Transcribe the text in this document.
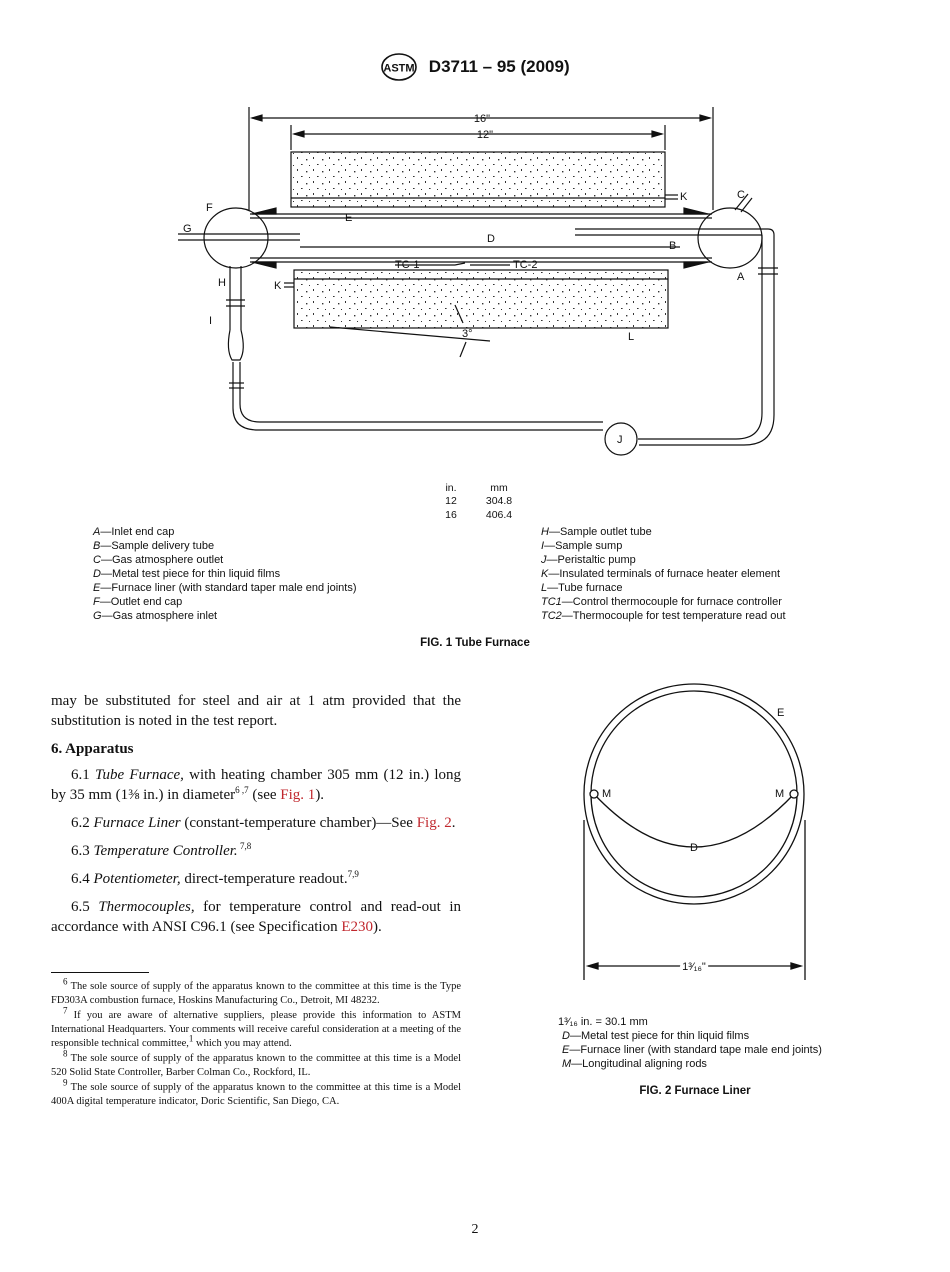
ASTM D3711 – 95 (2009)
16"
12"
C
K
F
E
G
D
B
TC-1	TC-2
A
H	K
I
3°	L
J
in.	mm
12	304.8
16	406.4
A—Inlet end cap
B—Sample delivery tube
C—Gas atmosphere outlet
D—Metal test piece for thin liquid films
E—Furnace liner (with standard taper male end joints)
F—Outlet end cap
G—Gas atmosphere inlet
H—Sample outlet tube
I—Sample sump
J—Peristaltic pump
K—Insulated terminals of furnace heater element
L—Tube furnace
TC1—Control thermocouple for furnace controller
TC2—Thermocouple for test temperature read out
FIG. 1 Tube Furnace

may be substituted for steel and air at 1 atm provided that the substitution is noted in the test report.

6. Apparatus

6.1 Tube Furnace, with heating chamber 305 mm (12 in.) long by 35 mm (1⅜ in.) in diameter$^{6 ,7}$ (see Fig. 1).

6.2 Furnace Liner (constant-temperature chamber)—See Fig. 2.

6.3 Temperature Controller. $^{7,8}$

6.4 Potentiometer, direct-temperature readout.$^{7,9}$

6.5 Thermocouples, for temperature control and read-out in accordance with ANSI C96.1 (see Specification E230).

$^6$ The sole source of supply of the apparatus known to the committee at this time is the Type FD303A combustion furnace, Hoskins Manufacturing Co., Detroit, MI 48232.

$^7$ If you are aware of alternative suppliers, please provide this information to ASTM International Headquarters. Your comments will receive careful consideration at a meeting of the responsible technical committee,$^1$ which you may attend.

$^8$ The sole source of supply of the apparatus known to the committee at this time is a Model 520 Solid State Controller, Barber Colman Co., Rockford, IL.

$^9$ The sole source of supply of the apparatus known to the committee at this time is a Model 400A digital temperature indicator, Doric Scientific, San Diego, CA.

E
M	M
D
1³⁄₁₆"
1³⁄₁₆ in. = 30.1 mm
D—Metal test piece for thin liquid films
E—Furnace liner (with standard tape male end joints)
M—Longitudinal aligning rods
FIG. 2 Furnace Liner
2
